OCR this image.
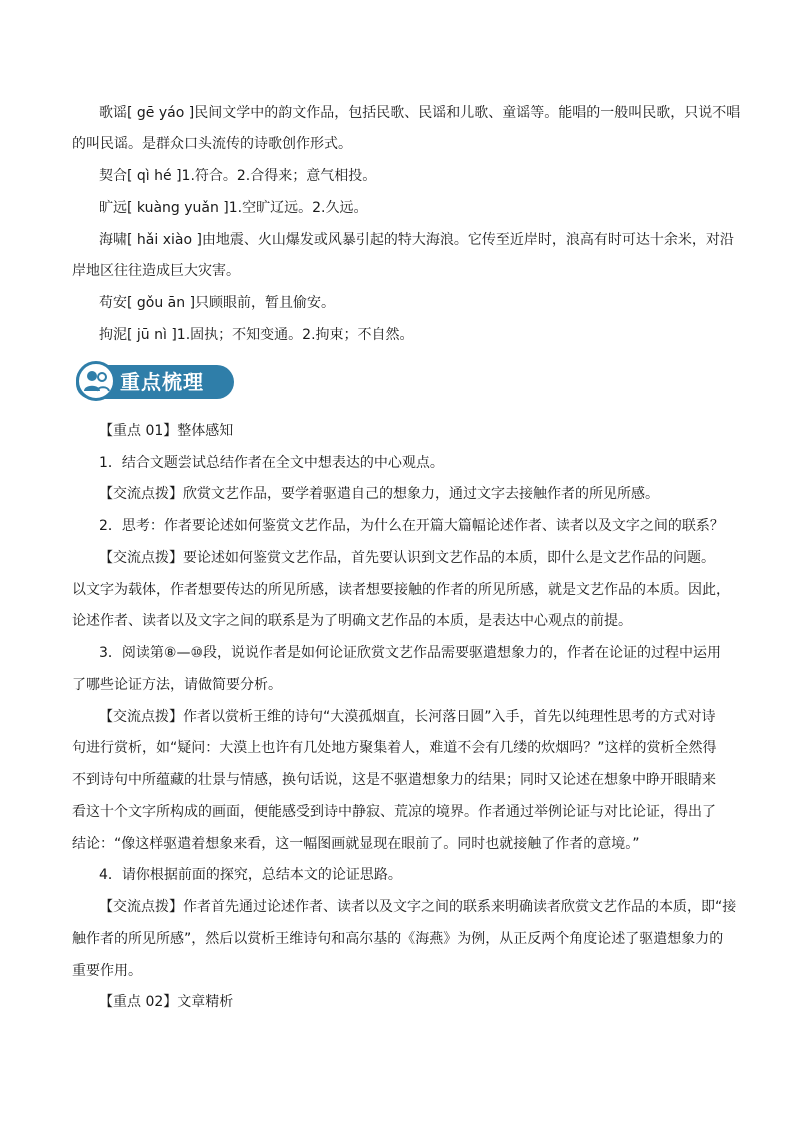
歌谣[ gē yáo ]民间文学中的韵文作品，包括民歌、民谣和儿歌、童谣等。能唱的一般叫民歌，只说不唱
的叫民谣。是群众口头流传的诗歌创作形式。
契合[ qì hé ]1.符合。2.合得来；意气相投。
旷远[ kuàng yuǎn ]1.空旷辽远。2.久远。
海啸[ hǎi xiào ]由地震、火山爆发或风暴引起的特大海浪。它传至近岸时，浪高有时可达十余米，对沿
岸地区往往造成巨大灾害。
苟安[ gǒu ān ]只顾眼前，暂且偷安。
拘泥[ jū nì ]1.固执；不知变通。2.拘束；不自然。
重点梳理
【重点 01】整体感知
1．结合文题尝试总结作者在全文中想表达的中心观点。
【交流点拨】欣赏文艺作品，要学着驱遣自己的想象力，通过文字去接触作者的所见所感。
2．思考：作者要论述如何鉴赏文艺作品，为什么在开篇大篇幅论述作者、读者以及文字之间的联系？
【交流点拨】要论述如何鉴赏文艺作品，首先要认识到文艺作品的本质，即什么是文艺作品的问题。
以文字为载体，作者想要传达的所见所感，读者想要接触的作者的所见所感，就是文艺作品的本质。因此，
论述作者、读者以及文字之间的联系是为了明确文艺作品的本质，是表达中心观点的前提。
3．阅读第⑧—⑩段，说说作者是如何论证欣赏文艺作品需要驱遣想象力的，作者在论证的过程中运用
了哪些论证方法，请做简要分析。
【交流点拨】作者以赏析王维的诗句“大漠孤烟直，长河落日圆”入手，首先以纯理性思考的方式对诗
句进行赏析，如“疑问：大漠上也许有几处地方聚集着人，难道不会有几缕的炊烟吗？”这样的赏析全然得
不到诗句中所蕴藏的壮景与情感，换句话说，这是不驱遣想象力的结果；同时又论述在想象中睁开眼睛来
看这十个文字所构成的画面，便能感受到诗中静寂、荒凉的境界。作者通过举例论证与对比论证，得出了
结论：“像这样驱遣着想象来看，这一幅图画就显现在眼前了。同时也就接触了作者的意境。”
4．请你根据前面的探究，总结本文的论证思路。
【交流点拨】作者首先通过论述作者、读者以及文字之间的联系来明确读者欣赏文艺作品的本质，即“接
触作者的所见所感”，然后以赏析王维诗句和高尔基的《海燕》为例，从正反两个角度论述了驱遣想象力的
重要作用。
【重点 02】文章精析
